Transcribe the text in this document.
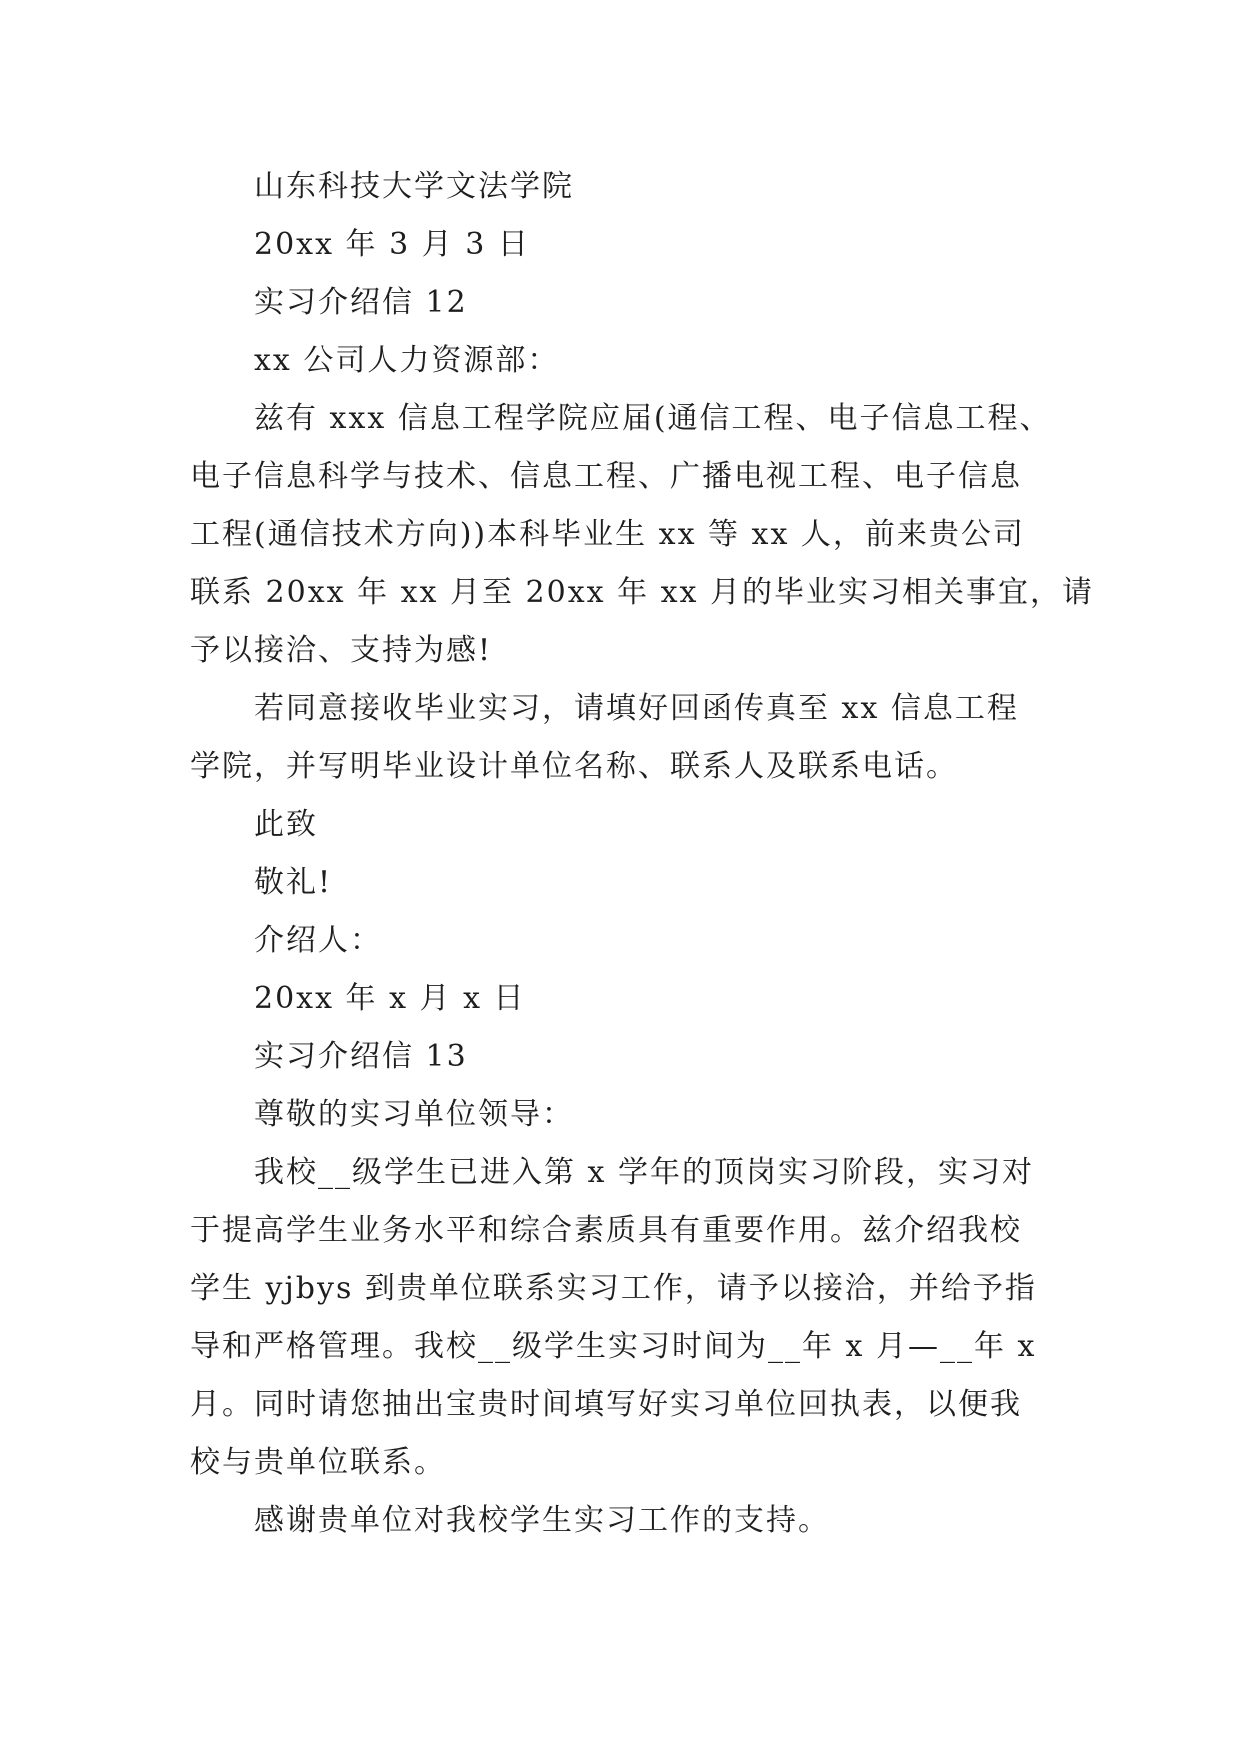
山东科技大学文法学院
20xx 年 3 月 3 日
实习介绍信 12
xx 公司人力资源部：
兹有 xxx 信息工程学院应届(通信工程、电子信息工程、
电子信息科学与技术、信息工程、广播电视工程、电子信息
工程(通信技术方向))本科毕业生 xx 等 xx 人，前来贵公司
联系 20xx 年 xx 月至 20xx 年 xx 月的毕业实习相关事宜，请
予以接洽、支持为感!
若同意接收毕业实习，请填好回函传真至 xx 信息工程
学院，并写明毕业设计单位名称、联系人及联系电话。
此致
敬礼!
介绍人：
20xx 年 x 月 x 日
实习介绍信 13
尊敬的实习单位领导：
我校__级学生已进入第 x 学年的顶岗实习阶段，实习对
于提高学生业务水平和综合素质具有重要作用。兹介绍我校
学生 yjbys 到贵单位联系实习工作，请予以接洽，并给予指
导和严格管理。我校__级学生实习时间为__年 x 月—__年 x
月。同时请您抽出宝贵时间填写好实习单位回执表，以便我
校与贵单位联系。
感谢贵单位对我校学生实习工作的支持。
